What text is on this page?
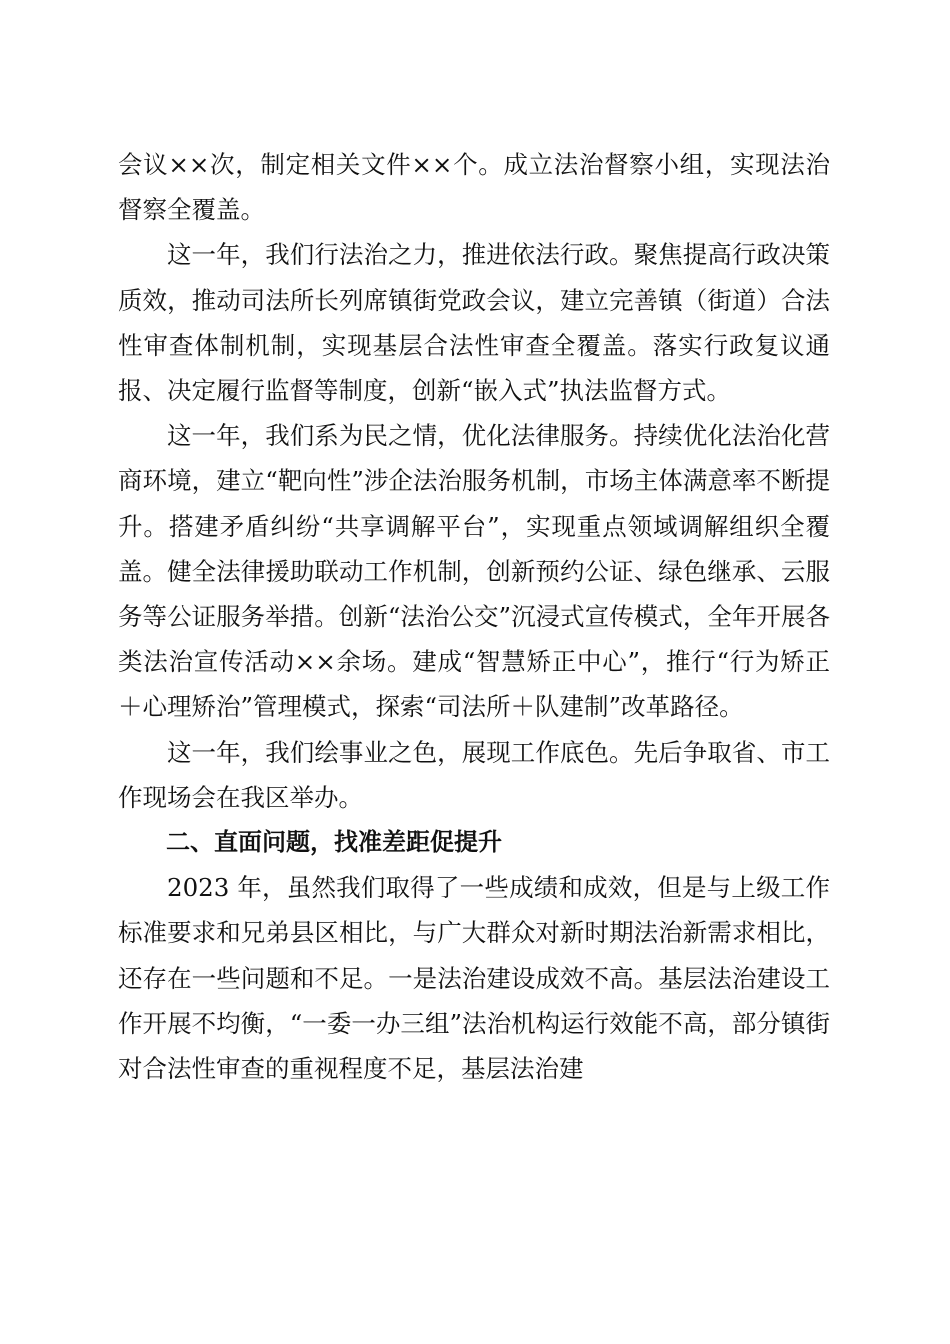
会议××次，制定相关文件××个。成立法治督察小组，实现法治督察全覆盖。

这一年，我们行法治之力，推进依法行政。聚焦提高行政决策质效，推动司法所长列席镇街党政会议，建立完善镇（街道）合法性审查体制机制，实现基层合法性审查全覆盖。落实行政复议通报、决定履行监督等制度，创新“嵌入式”执法监督方式。

这一年，我们系为民之情，优化法律服务。持续优化法治化营商环境，建立“靶向性”涉企法治服务机制，市场主体满意率不断提升。搭建矛盾纠纷“共享调解平台”，实现重点领域调解组织全覆盖。健全法律援助联动工作机制，创新预约公证、绿色继承、云服务等公证服务举措。创新“法治公交”沉浸式宣传模式，全年开展各类法治宣传活动××余场。建成“智慧矫正中心”，推行“行为矫正＋心理矫治”管理模式，探索“司法所＋队建制”改革路径。

这一年，我们绘事业之色，展现工作底色。先后争取省、市工作现场会在我区举办。

二、直面问题，找准差距促提升

2023 年，虽然我们取得了一些成绩和成效，但是与上级工作标准要求和兄弟县区相比，与广大群众对新时期法治新需求相比，还存在一些问题和不足。一是法治建设成效不高。基层法治建设工作开展不均衡，“一委一办三组”法治机构运行效能不高，部分镇街对合法性审查的重视程度不足，基层法治建
